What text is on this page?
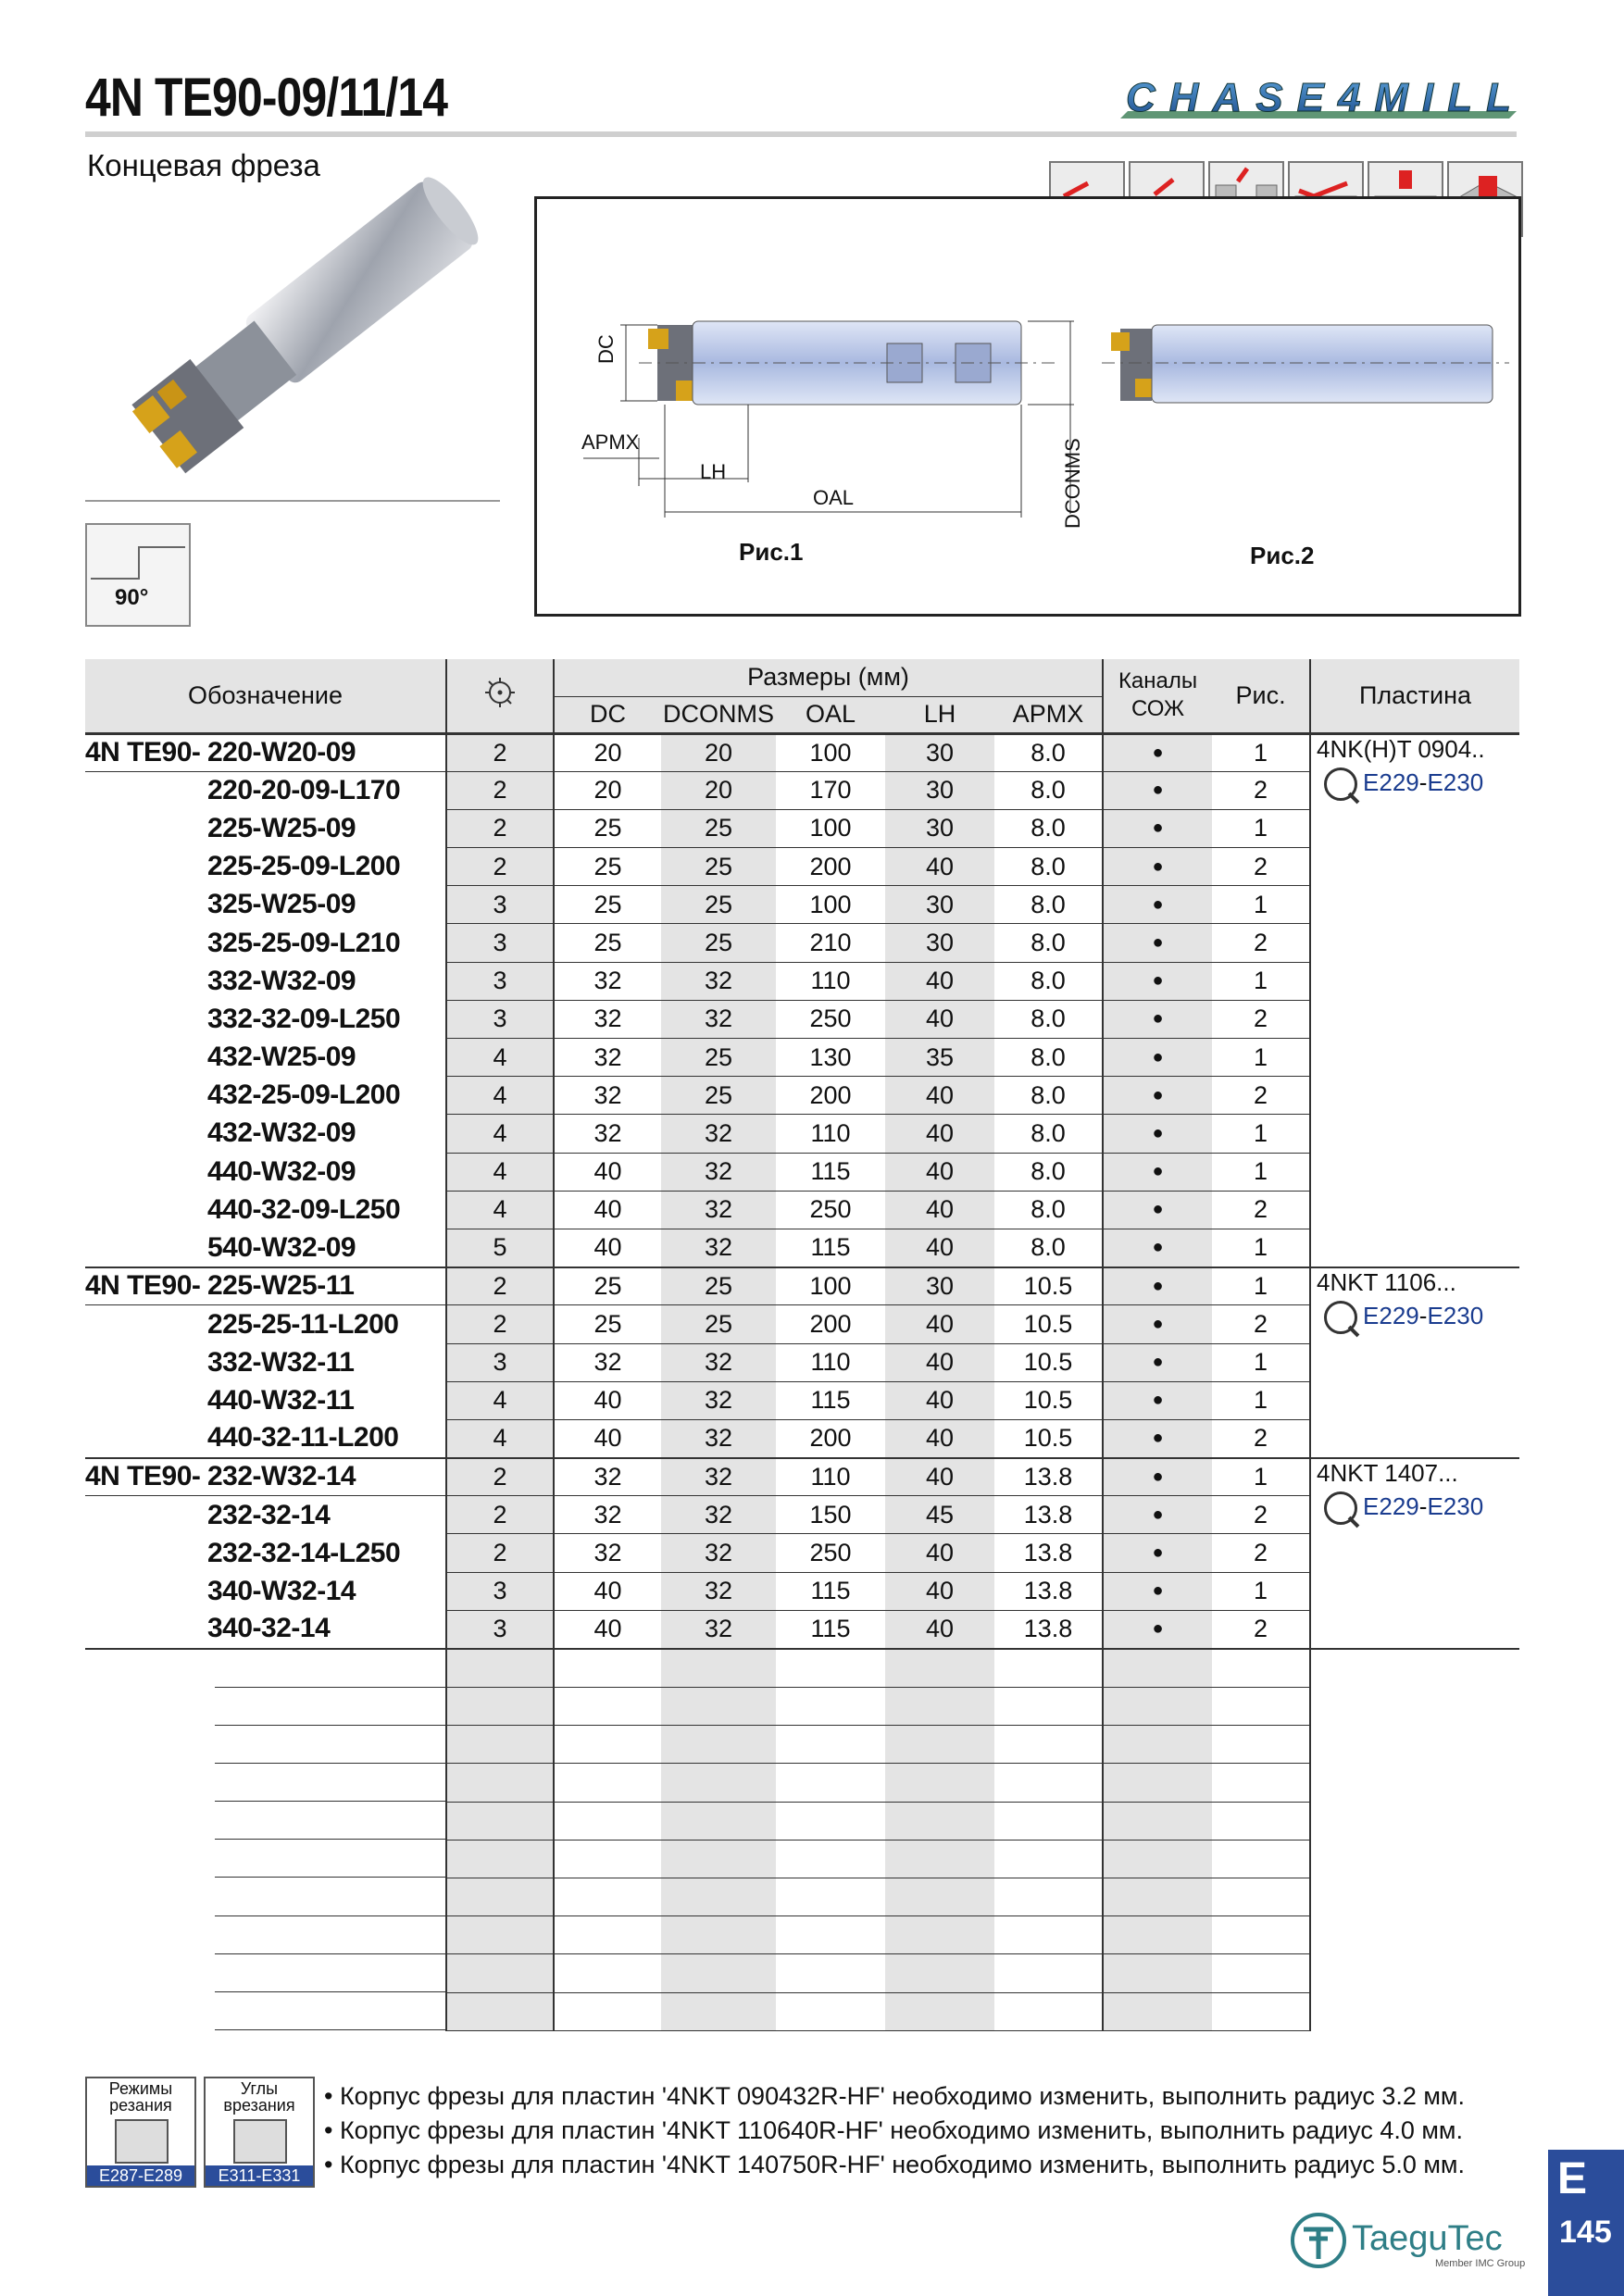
4N TE90-09/11/14
Концевая фреза
CHASE4MILL
90°
DC
APMX
LH
OAL	DCONMS
Рис.1	Рис.2
Обозначение		Размеры (мм)					Каналы СОЖ	Рис.	Пластина
		DC	DCONMS	OAL	LH	APMX			
4N TE90- 220-W20-09	2	20	20	100	30	8.0	●	1	4NK(H)T 0904..
E229-E230

220-20-09-L170	2	20	20	170	30	8.0	●	2	
225-W25-09	2	25	25	100	30	8.0	●	1	
225-25-09-L200	2	25	25	200	40	8.0	●	2	
325-W25-09	3	25	25	100	30	8.0	●	1	
325-25-09-L210	3	25	25	210	30	8.0	●	2	
332-W32-09	3	32	32	110	40	8.0	●	1	
332-32-09-L250	3	32	32	250	40	8.0	●	2	
432-W25-09	4	32	25	130	35	8.0	●	1	
432-25-09-L200	4	32	25	200	40	8.0	●	2	
432-W32-09	4	32	32	110	40	8.0	●	1	
440-W32-09	4	40	32	115	40	8.0	●	1	
440-32-09-L250	4	40	32	250	40	8.0	●	2	
540-W32-09	5	40	32	115	40	8.0	●	1	
4N TE90- 225-W25-11	2	25	25	100	30	10.5	●	1	4NKT 1106...
E229-E230

225-25-11-L200	2	25	25	200	40	10.5	●	2	
332-W32-11	3	32	32	110	40	10.5	●	1	
440-W32-11	4	40	32	115	40	10.5	●	1	
440-32-11-L200	4	40	32	200	40	10.5	●	2	
4N TE90- 232-W32-14	2	32	32	110	40	13.8	●	1	4NKT 1407...
E229-E230

232-32-14	2	32	32	150	45	13.8	●	2	
232-32-14-L250	2	32	32	250	40	13.8	●	2	
340-W32-14	3	40	32	115	40	13.8	●	1	
340-32-14	3	40	32	115	40	13.8	●	2	

Режимы резания
E287-E289
Углы врезания
E311-E331
• Корпус фрезы для пластин '4NKT 090432R-HF' необходимо изменить, выполнить радиус 3.2 мм.
• Корпус фрезы для пластин '4NKT 110640R-HF' необходимо изменить, выполнить радиус 4.0 мм.
• Корпус фрезы для пластин '4NKT 140750R-HF' необходимо изменить, выполнить радиус 5.0 мм.
TaeguTec
Member IMC Group
E
145
